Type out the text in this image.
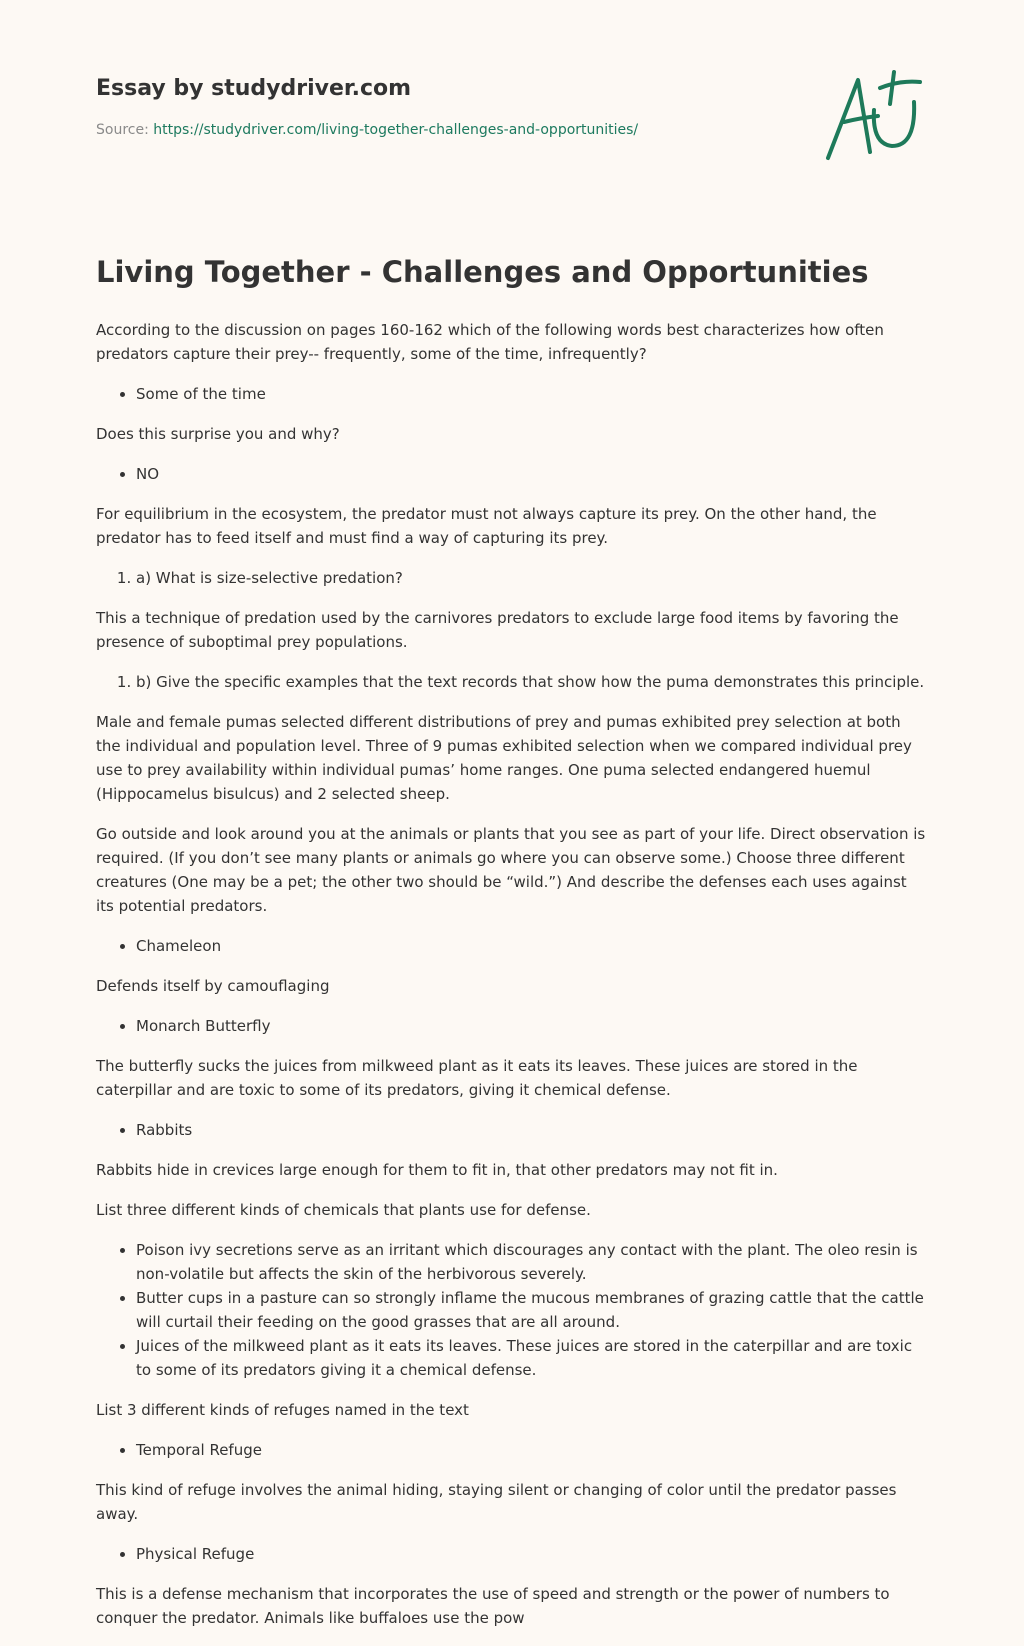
Essay by studydriver.com
Source: https://studydriver.com/living-together-challenges-and-opportunities/
Living Together - Challenges and Opportunities

According to the discussion on pages 160-162 which of the following words best characterizes how often predators capture their prey-- frequently, some of the time, infrequently?

• Some of the time

Does this surprise you and why?

• NO

For equilibrium in the ecosystem, the predator must not always capture its prey. On the other hand, the predator has to feed itself and must find a way of capturing its prey.

1. a) What is size-selective predation?

This a technique of predation used by the carnivores predators to exclude large food items by favoring the presence of suboptimal prey populations.

1. b) Give the specific examples that the text records that show how the puma demonstrates this principle.

Male and female pumas selected different distributions of prey and pumas exhibited prey selection at both the individual and population level. Three of 9 pumas exhibited selection when we compared individual prey use to prey availability within individual pumas’ home ranges. One puma selected endangered huemul (Hippocamelus bisulcus) and 2 selected sheep.

Go outside and look around you at the animals or plants that you see as part of your life. Direct observation is required. (If you don’t see many plants or animals go where you can observe some.) Choose three different creatures (One may be a pet; the other two should be “wild.”) And describe the defenses each uses against its potential predators.

• Chameleon

Defends itself by camouflaging

• Monarch Butterfly

The butterfly sucks the juices from milkweed plant as it eats its leaves. These juices are stored in the caterpillar and are toxic to some of its predators, giving it chemical defense.

• Rabbits

Rabbits hide in crevices large enough for them to fit in, that other predators may not fit in.

List three different kinds of chemicals that plants use for defense.

• Poison ivy secretions serve as an irritant which discourages any contact with the plant. The oleo resin is non-volatile but affects the skin of the herbivorous severely.
• Butter cups in a pasture can so strongly inflame the mucous membranes of grazing cattle that the cattle will curtail their feeding on the good grasses that are all around.
• Juices of the milkweed plant as it eats its leaves. These juices are stored in the caterpillar and are toxic to some of its predators giving it a chemical defense.

List 3 different kinds of refuges named in the text

• Temporal Refuge

This kind of refuge involves the animal hiding, staying silent or changing of color until the predator passes away.

• Physical Refuge

This is a defense mechanism that incorporates the use of speed and strength or the power of numbers to conquer the predator. Animals like buffaloes use the pow
